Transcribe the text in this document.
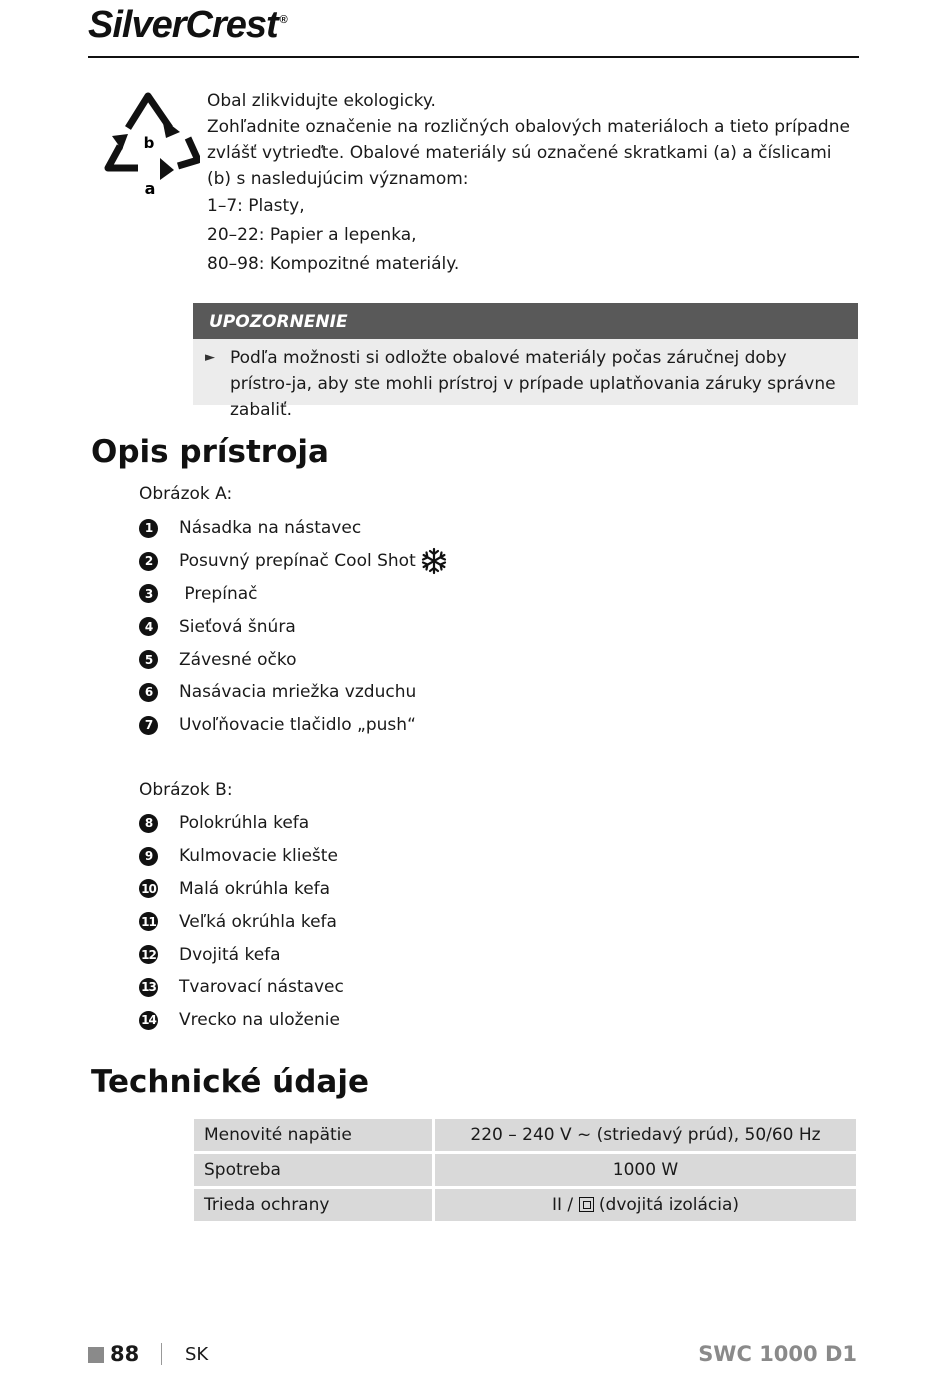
SilverCrest ®
b
a

Obal zlikvidujte ekologicky.

Zohľadnite označenie na rozličných obalových materiáloch a tieto prípadne zvlášť vytrieďte. Obalové materiály sú označené skratkami (a) a číslicami (b) s nasledujúcim významom:

1–7: Plasty,

20–22: Papier a lepenka,

80–98: Kompozitné materiály.

UPOZORNENIE
► Podľa možnosti si odložte obalové materiály počas záručnej doby prístro-ja, aby ste mohli prístroj v prípade uplatňovania záruky správne zabaliť.
Opis prístroja
Obrázok A:
1	Násadka na nástavec
2	Posuvný prepínač Cool Shot
3	Prepínač
4	Sieťová šnúra
5	Závesné očko
6	Nasávacia mriežka vzduchu
7	Uvoľňovacie tlačidlo „push“
Obrázok B:
8	Polokrúhla kefa
9	Kulmovacie kliešte
10 Malá okrúhla kefa
11 Veľká okrúhla kefa
12 Dvojitá kefa
13 Tvarovací nástavec
14 Vrecko na uloženie
Technické údaje
Menovité napätie	220 – 240 V ~ (striedavý prúd), 50/60 Hz
Spotreba	1000 W
Trieda ochrany	II /  (dvojitá izolácia)
88	SK	SWC 1000 D1
